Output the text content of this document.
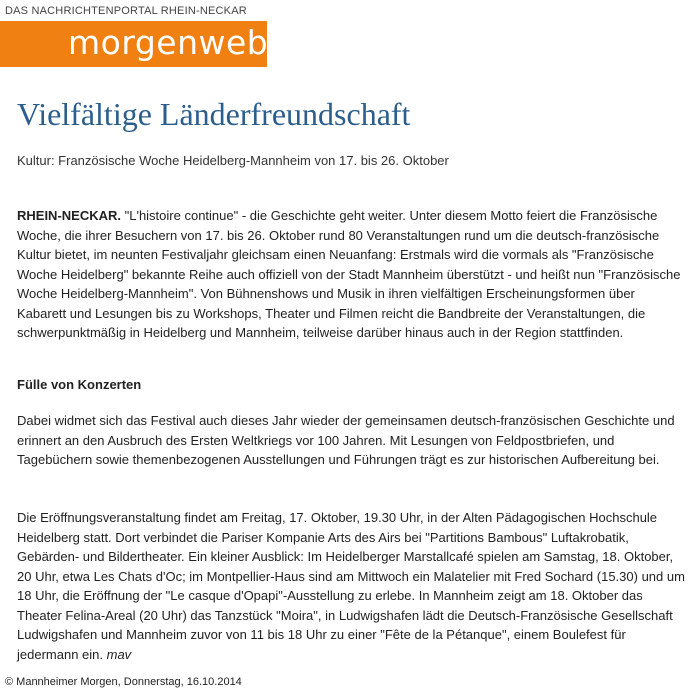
DAS NACHRICHTENPORTAL RHEIN-NECKAR
morgenweb
Vielfältige Länderfreundschaft
Kultur: Französische Woche Heidelberg-Mannheim von 17. bis 26. Oktober

RHEIN-NECKAR. "L'histoire continue" - die Geschichte geht weiter. Unter diesem Motto feiert die Französische Woche, die ihrer Besuchern von 17. bis 26. Oktober rund 80 Veranstaltungen rund um die deutsch-französische Kultur bietet, im neunten Festivaljahr gleichsam einen Neuanfang: Erstmals wird die vormals als "Französische Woche Heidelberg" bekannte Reihe auch offiziell von der Stadt Mannheim überstützt - und heißt nun "Französische Woche Heidelberg-Mannheim". Von Bühnenshows und Musik in ihren vielfältigen Erscheinungsformen über Kabarett und Lesungen bis zu Workshops, Theater und Filmen reicht die Bandbreite der Veranstaltungen, die schwerpunktmäßig in Heidelberg und Mannheim, teilweise darüber hinaus auch in der Region stattfinden.

Fülle von Konzerten

Dabei widmet sich das Festival auch dieses Jahr wieder der gemeinsamen deutsch-französischen Geschichte und erinnert an den Ausbruch des Ersten Weltkriegs vor 100 Jahren. Mit Lesungen von Feldpostbriefen, und Tagebüchern sowie themenbezogenen Ausstellungen und Führungen trägt es zur historischen Aufbereitung bei.

Die Eröffnungsveranstaltung findet am Freitag, 17. Oktober, 19.30 Uhr, in der Alten Pädagogischen Hochschule Heidelberg statt. Dort verbindet die Pariser Kompanie Arts des Airs bei "Partitions Bambous" Luftakrobatik, Gebärden- und Bildertheater. Ein kleiner Ausblick: Im Heidelberger Marstallcafé spielen am Samstag, 18. Oktober, 20 Uhr, etwa Les Chats d'Oc; im Montpellier-Haus sind am Mittwoch ein Malatelier mit Fred Sochard (15.30) und um 18 Uhr, die Eröffnung der "Le casque d'Opapi"-Ausstellung zu erlebe. In Mannheim zeigt am 18. Oktober das Theater Felina-Areal (20 Uhr) das Tanzstück "Moira", in Ludwigshafen lädt die Deutsch-Französische Gesellschaft Ludwigshafen und Mannheim zuvor von 11 bis 18 Uhr zu einer "Fête de la Pétanque", einem Boulefest für jedermann ein. mav

© Mannheimer Morgen, Donnerstag, 16.10.2014
